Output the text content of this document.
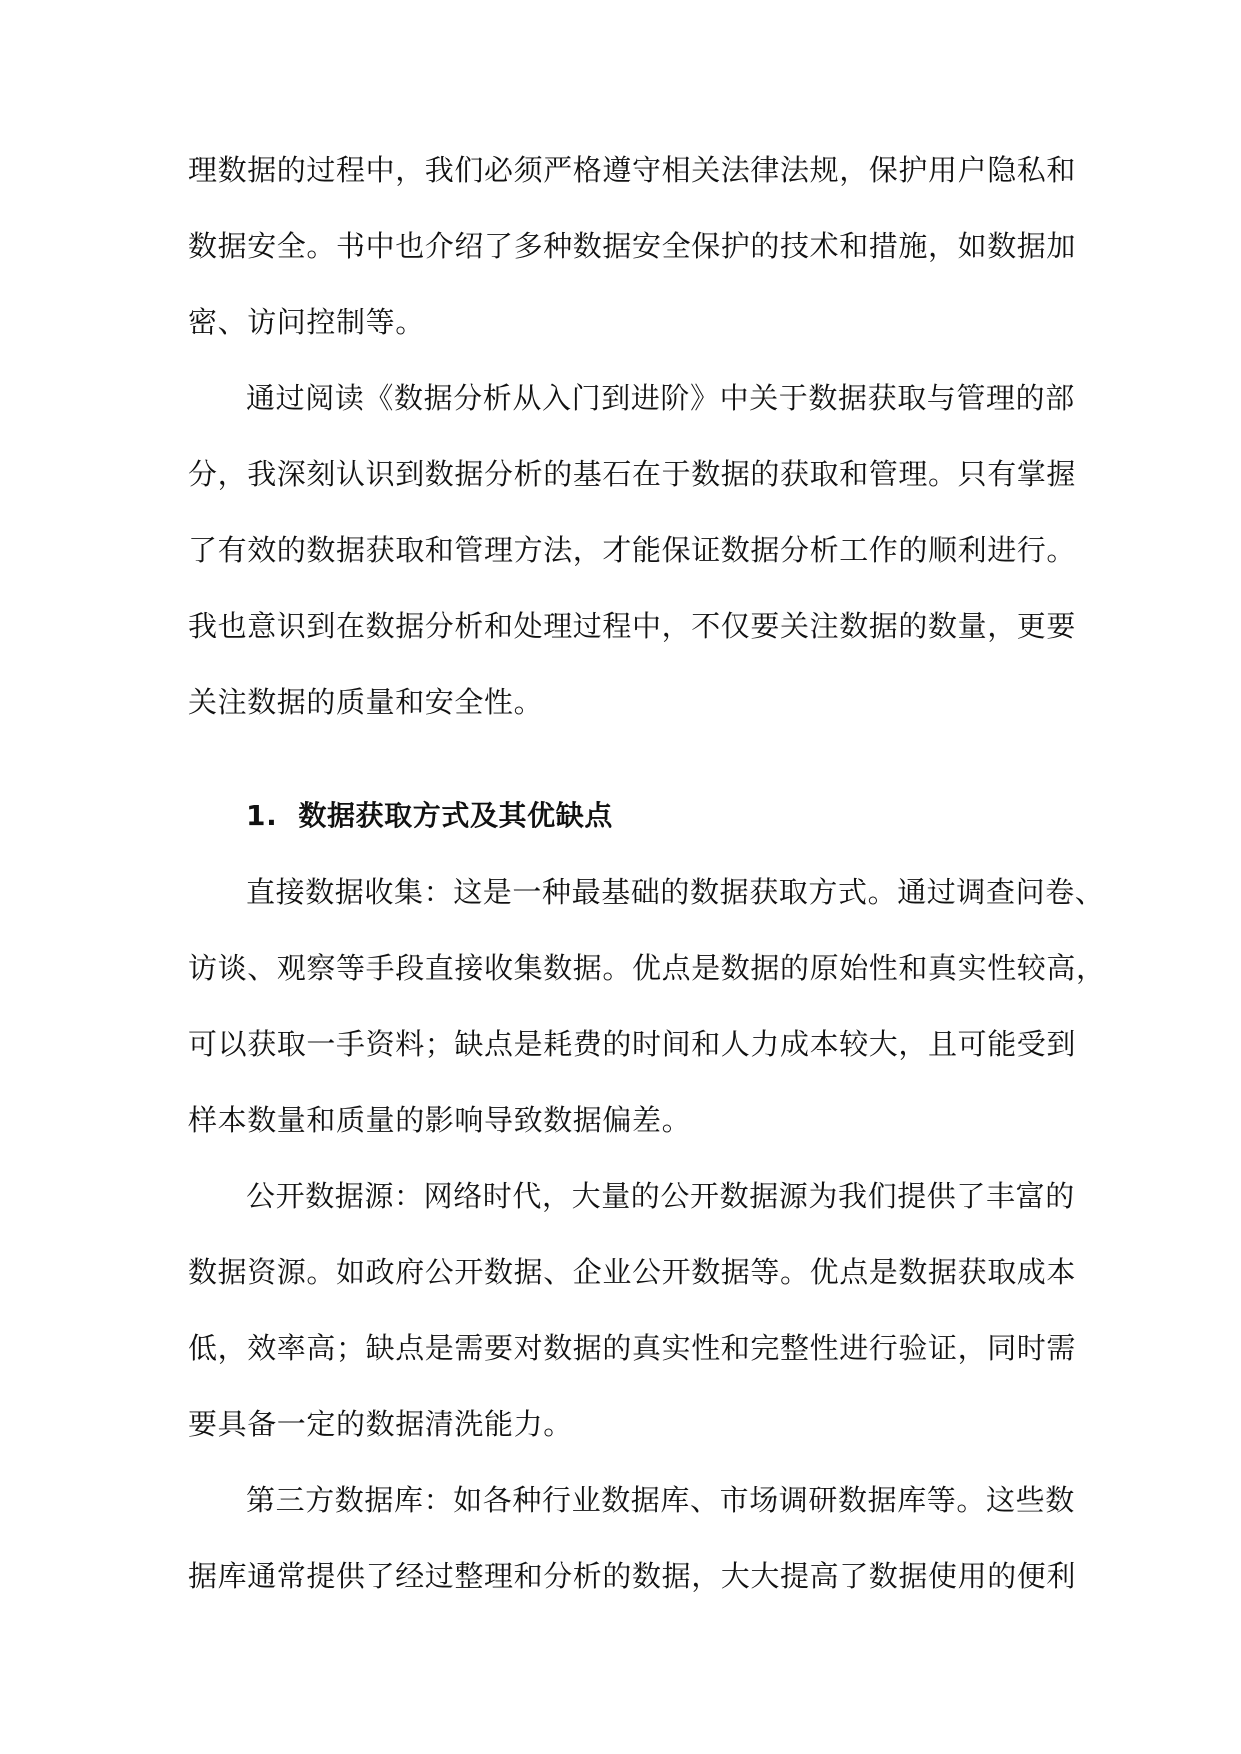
理数据的过程中，我们必须严格遵守相关法律法规，保护用户隐私和
数据安全。书中也介绍了多种数据安全保护的技术和措施，如数据加
密、访问控制等。
通过阅读《数据分析从入门到进阶》中关于数据获取与管理的部
分，我深刻认识到数据分析的基石在于数据的获取和管理。只有掌握
了有效的数据获取和管理方法，才能保证数据分析工作的顺利进行。
我也意识到在数据分析和处理过程中，不仅要关注数据的数量，更要
关注数据的质量和安全性。
1. 数据获取方式及其优缺点
直接数据收集：这是一种最基础的数据获取方式。通过调查问卷、
访谈、观察等手段直接收集数据。优点是数据的原始性和真实性较高，
可以获取一手资料；缺点是耗费的时间和人力成本较大，且可能受到
样本数量和质量的影响导致数据偏差。
公开数据源：网络时代，大量的公开数据源为我们提供了丰富的
数据资源。如政府公开数据、企业公开数据等。优点是数据获取成本
低，效率高；缺点是需要对数据的真实性和完整性进行验证，同时需
要具备一定的数据清洗能力。
第三方数据库：如各种行业数据库、市场调研数据库等。这些数
据库通常提供了经过整理和分析的数据，大大提高了数据使用的便利
